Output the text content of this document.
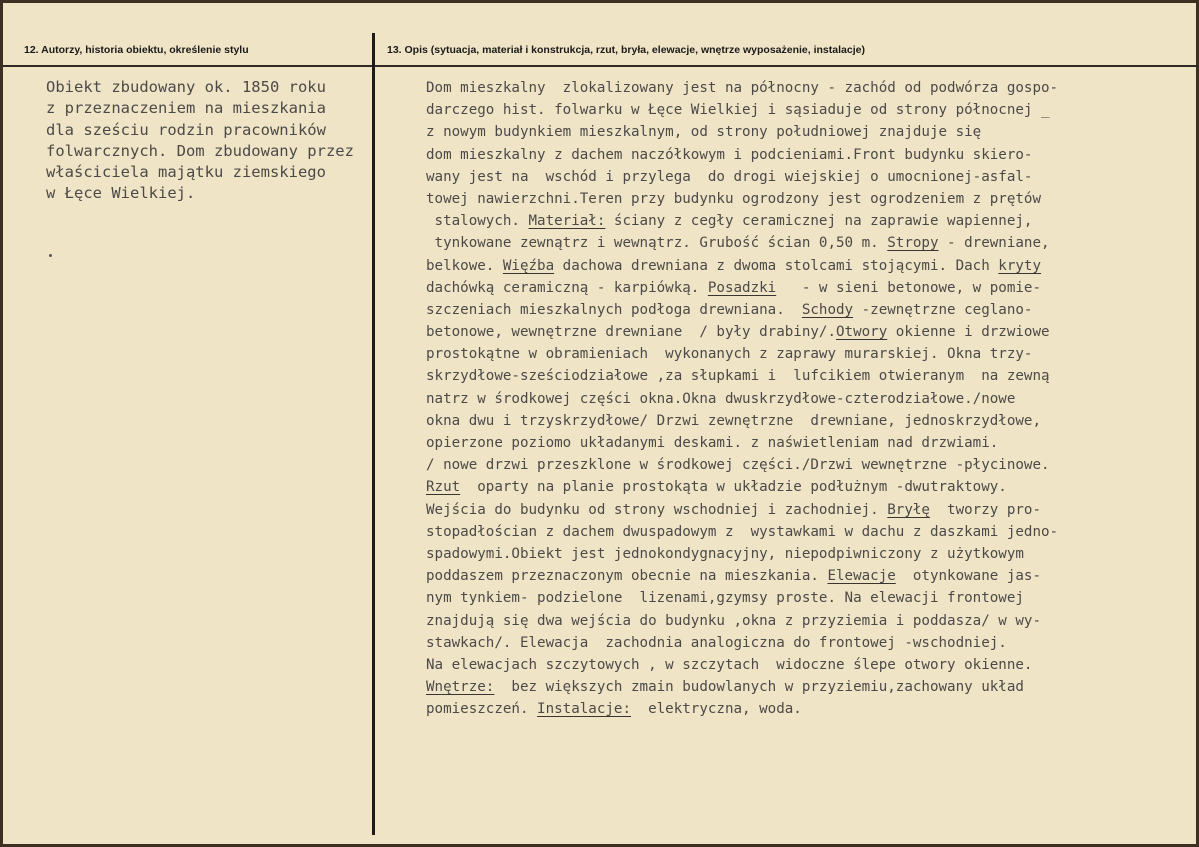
12. Autorzy, historia obiektu, określenie stylu	13. Opis (sytuacja, materiał i konstrukcja, rzut, bryła, elewacje, wnętrze wyposażenie, instalacje)
Obiekt zbudowany ok. 1850 roku
z przeznaczeniem na mieszkania
dla sześciu rodzin pracowników
folwarcznych. Dom zbudowany przez
właściciela majątku ziemskiego
w Łęce Wielkiej.
Dom mieszkalny  zlokalizowany jest na północny - zachód od podwórza gospo-
darczego hist. folwarku w Łęce Wielkiej i sąsiaduje od strony północnej _
z nowym budynkiem mieszkalnym, od strony południowej znajduje się
dom mieszkalny z dachem naczółkowym i podcieniami.Front budynku skiero-
wany jest na  wschód i przylega  do drogi wiejskiej o umocnionej-asfal-
towej nawierzchni.Teren przy budynku ogrodzony jest ogrodzeniem z prętów
stalowych. Materiał: ściany z cegły ceramicznej na zaprawie wapiennej,
tynkowane zewnątrz i wewnątrz. Grubość ścian 0,50 m. Stropy - drewniane,
belkowe. Więźba dachowa drewniana z dwoma stolcami stojącymi. Dach kryty
dachówką ceramiczną - karpiówką. Posadzki   - w sieni betonowe, w pomie-
szczeniach mieszkalnych podłoga drewniana.  Schody -zewnętrzne ceglano-
betonowe, wewnętrzne drewniane  / były drabiny/.Otwory okienne i drzwiowe
prostokątne w obramieniach  wykonanych z zaprawy murarskiej. Okna trzy-
skrzydłowe-sześciodziałowe ,za słupkami i  lufcikiem otwieranym  na zewną
natrz w środkowej części okna.Okna dwuskrzydłowe-czterodziałowe./nowe
okna dwu i trzyskrzydłowe/ Drzwi zewnętrzne  drewniane, jednoskrzydłowe,
opierzone poziomo układanymi deskami. z naświetleniam nad drzwiami.
/ nowe drzwi przeszklone w środkowej części./Drzwi wewnętrzne -płycinowe.
Rzut  oparty na planie prostokąta w układzie podłużnym -dwutraktowy.
Wejścia do budynku od strony wschodniej i zachodniej. Bryłę  tworzy pro-
stopadłościan z dachem dwuspadowym z  wystawkami w dachu z daszkami jedno-
spadowymi.Obiekt jest jednokondygnacyjny, niepodpiwniczony z użytkowym
poddaszem przeznaczonym obecnie na mieszkania. Elewacje  otynkowane jas-
nym tynkiem- podzielone  lizenami,gzymsy proste. Na elewacji frontowej
znajdują się dwa wejścia do budynku ,okna z przyziemia i poddasza/ w wy-
stawkach/. Elewacja  zachodnia analogiczna do frontowej -wschodniej.
Na elewacjach szczytowych , w szczytach  widoczne ślepe otwory okienne.
Wnętrze:  bez większych zmain budowlanych w przyziemiu,zachowany układ
pomieszczeń. Instalacje:  elektryczna, woda.
